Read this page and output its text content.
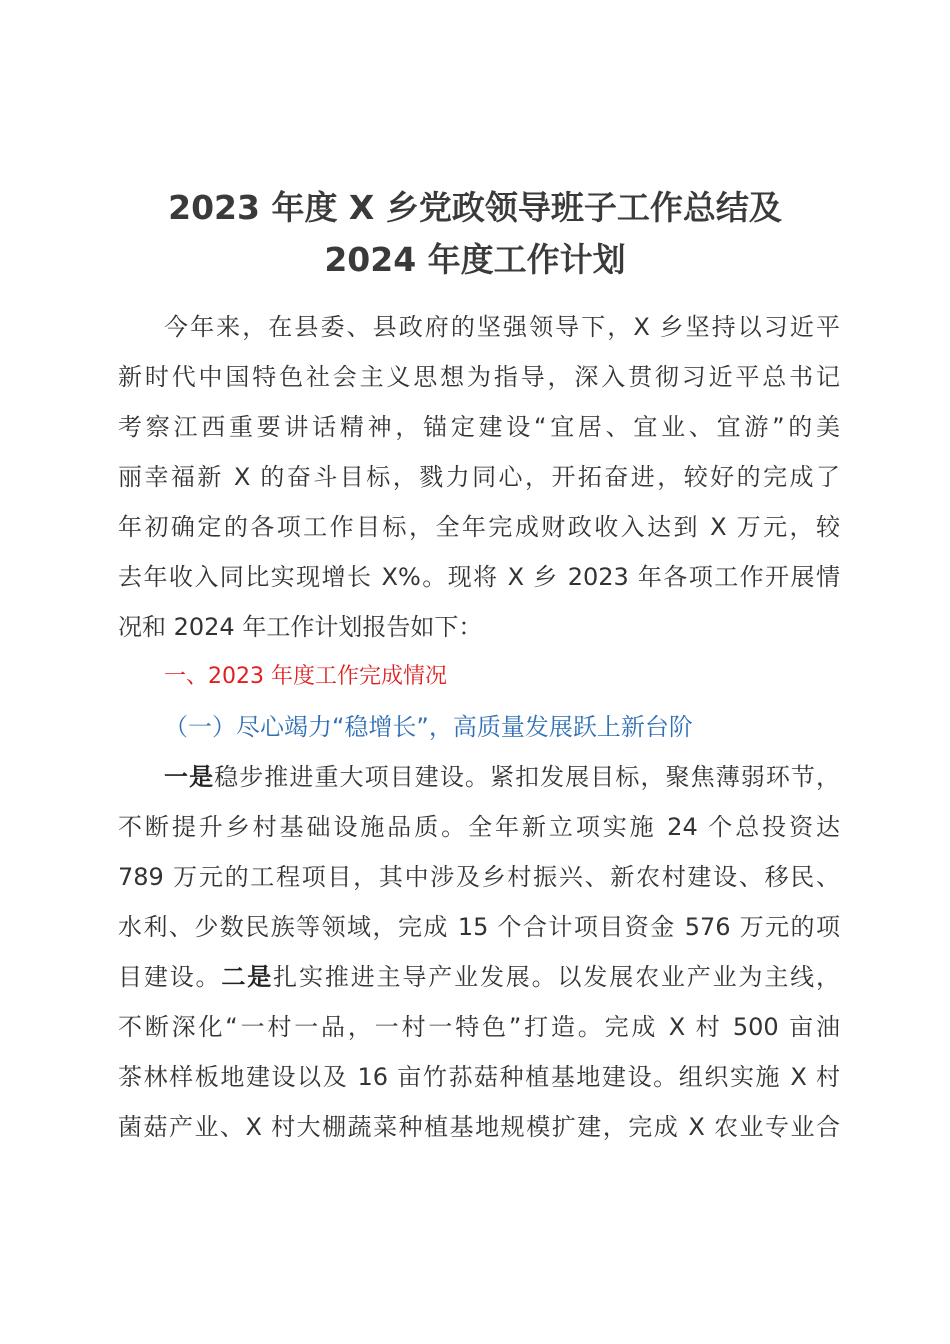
2023 年度 X 乡党政领导班子工作总结及
2024 年度工作计划
今年来，在县委、县政府的坚强领导下，X 乡坚持以习近平
新时代中国特色社会主义思想为指导，深入贯彻习近平总书记
考察江西重要讲话精神，锚定建设“宜居、宜业、宜游”的美
丽幸福新 X 的奋斗目标，戮力同心，开拓奋进，较好的完成了
年初确定的各项工作目标，全年完成财政收入达到 X 万元，较
去年收入同比实现增长 X%。现将 X 乡 2023 年各项工作开展情
况和 2024 年工作计划报告如下：
一、2023 年度工作完成情况
（一）尽心竭力“稳增长”，高质量发展跃上新台阶
一是稳步推进重大项目建设。紧扣发展目标，聚焦薄弱环节，
不断提升乡村基础设施品质。全年新立项实施 24 个总投资达
789 万元的工程项目，其中涉及乡村振兴、新农村建设、移民、
水利、少数民族等领域，完成 15 个合计项目资金 576 万元的项
目建设。二是扎实推进主导产业发展。以发展农业产业为主线，
不断深化“一村一品，一村一特色”打造。完成 X 村 500 亩油
茶林样板地建设以及 16 亩竹荪菇种植基地建设。组织实施 X 村
菌菇产业、X 村大棚蔬菜种植基地规模扩建，完成 X 农业专业合
